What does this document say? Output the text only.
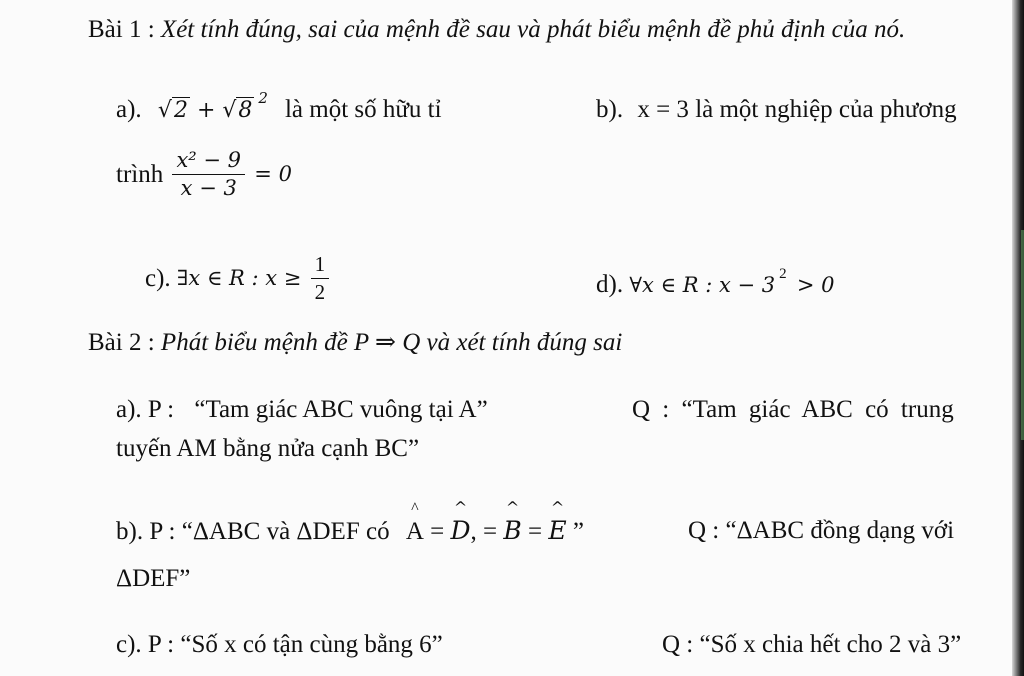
Bài 1 : Xét tính đúng, sai của mệnh đề sau và phát biểu mệnh đề phủ định của nó.
a). √2 + √8 $^2$ là một số hữu tỉ	b). x = 3 là một nghiệp của phương
trình $\frac{\text{x² − 9}}{x - 3} = 0$
c). ∃x ∈ R : $x \ge \frac{1}{2}$	d). ∀x ∈ R : x − 3 $^2$ > 0
Bài 2 : Phát biểu mệnh đề P ⇒ Q và xét tính đúng sai
a). P : “Tam giác ABC vuông tại A”	Q : “Tam giác ABC có trung
tuyến AM bằng nửa cạnh BC”
b). P : “ΔABC và ΔDEF có ^ A = ^ D, = ^ B = ^ E ”	Q : “ΔABC đồng dạng với
ΔDEF”
c). P : “Số x có tận cùng bằng 6”	Q : “Số x chia hết cho 2 và 3”
